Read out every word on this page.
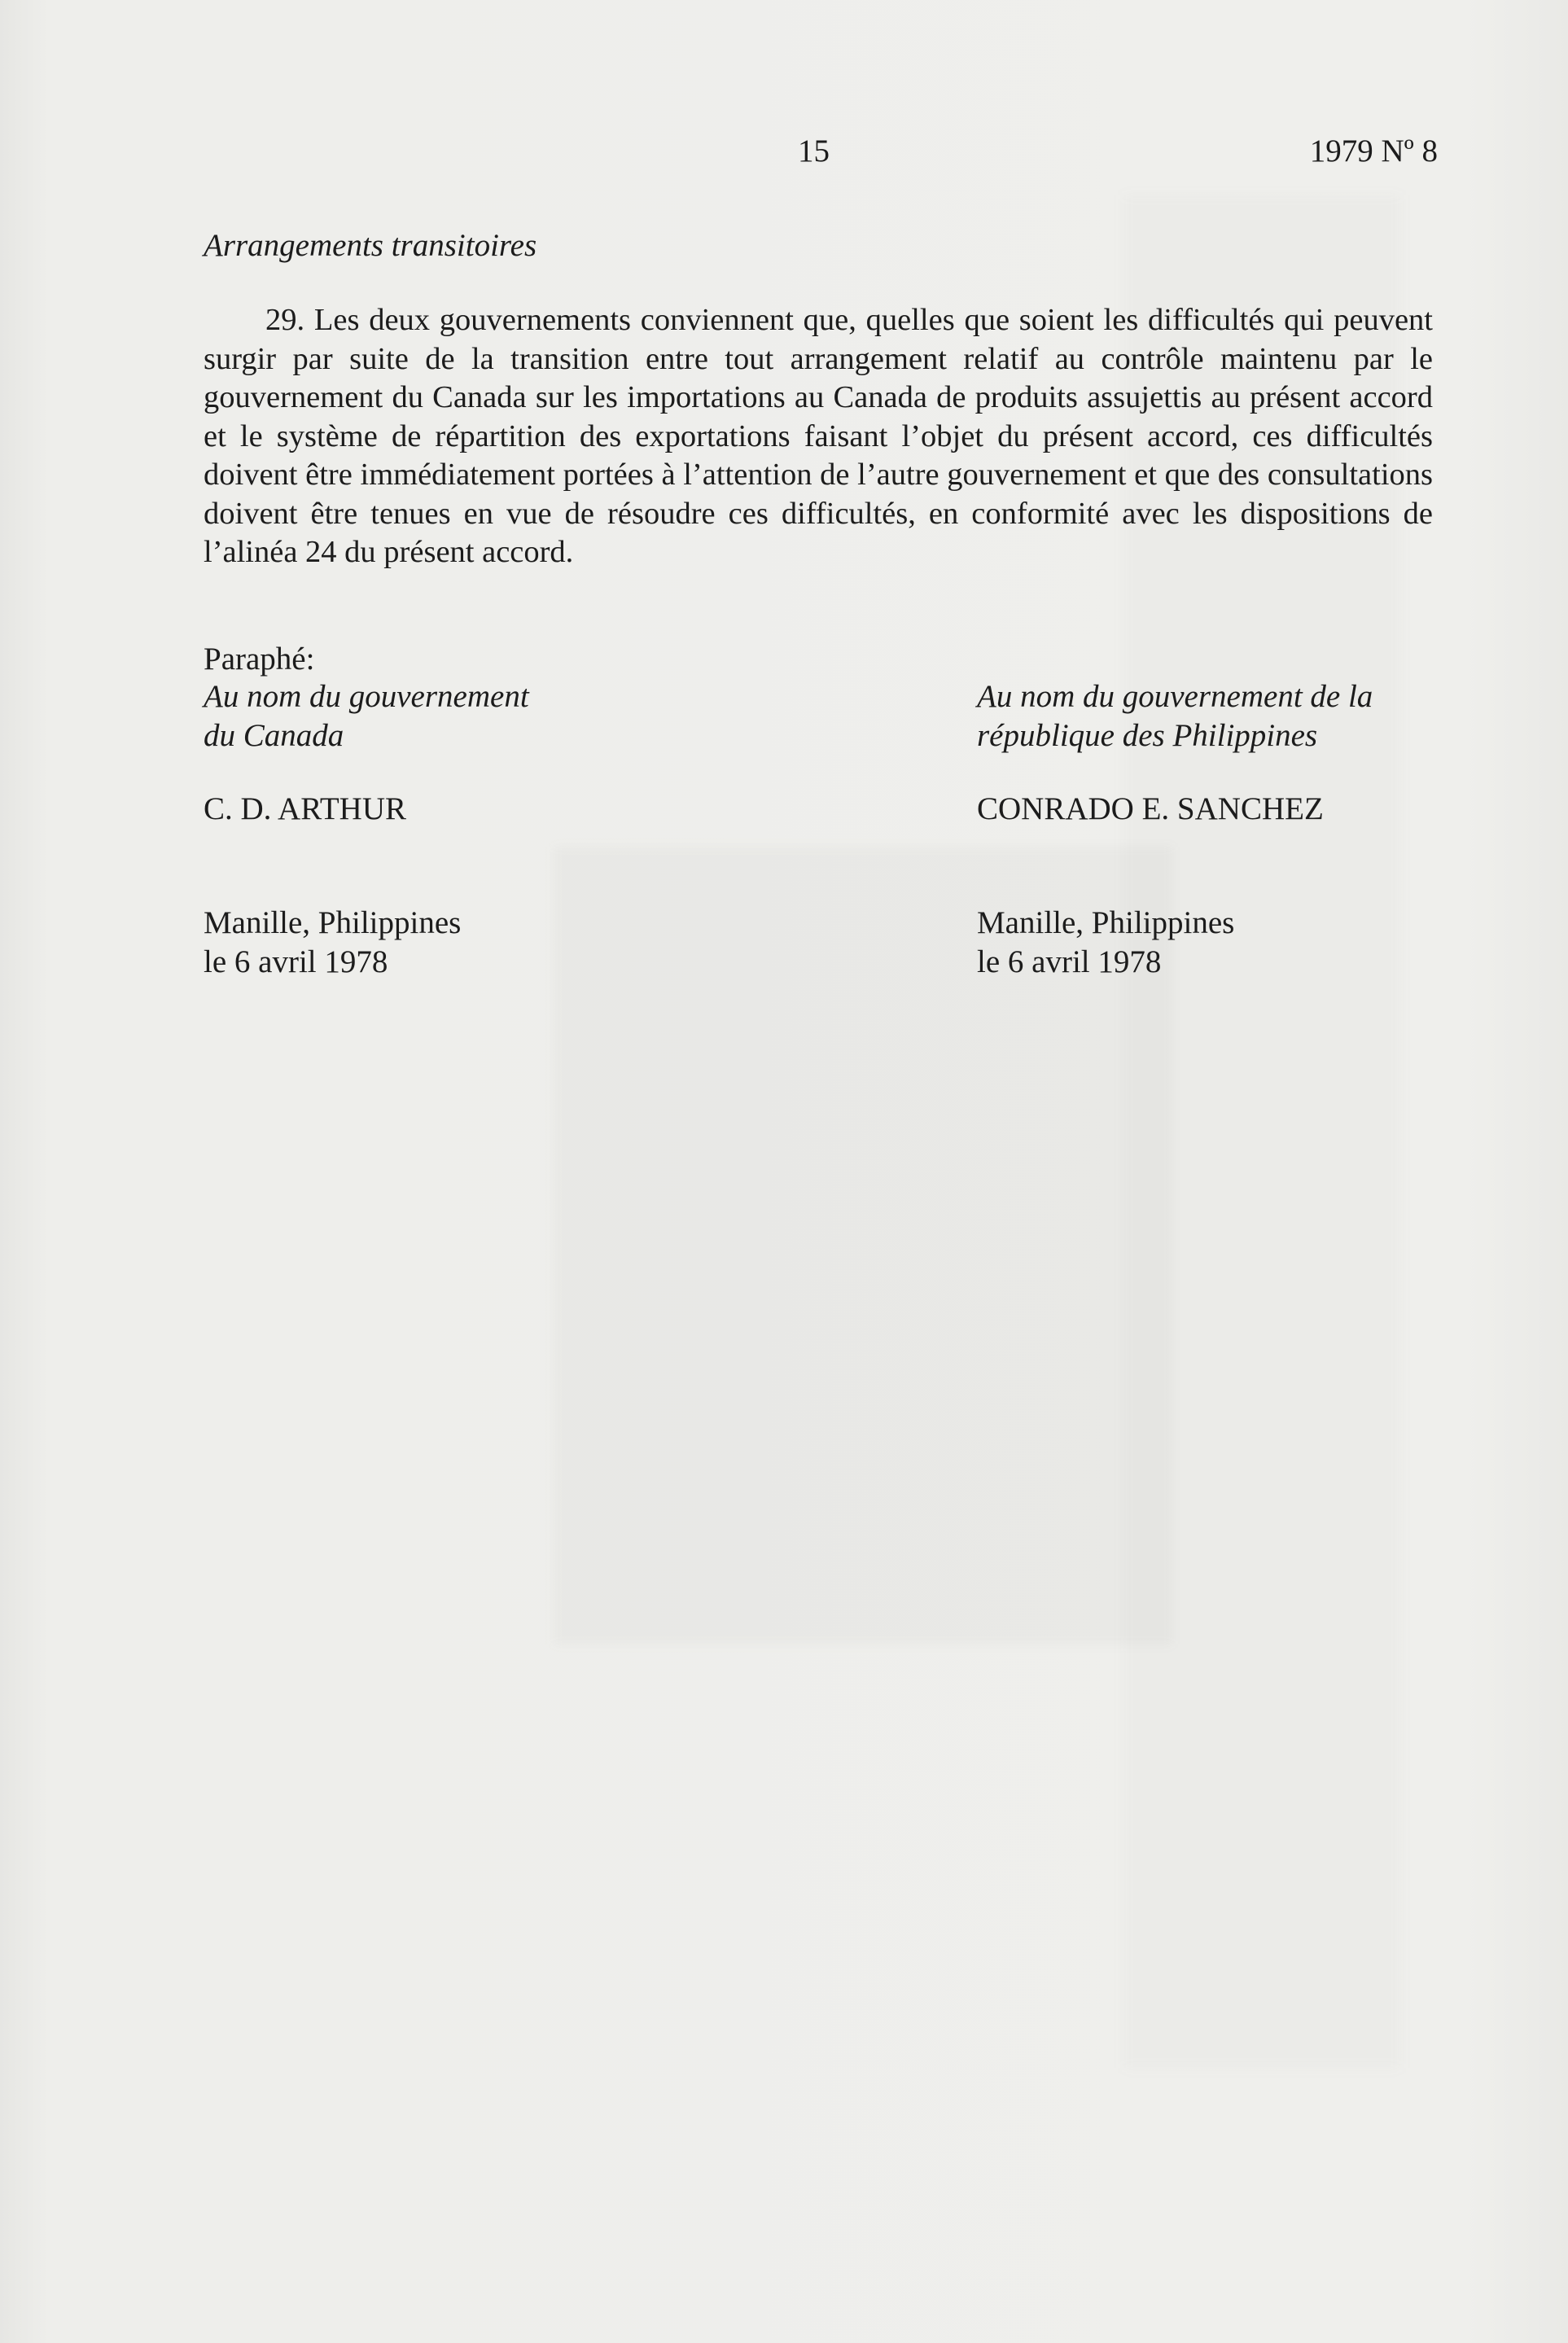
15	1979 Nº 8
Arrangements transitoires

29. Les deux gouvernements conviennent que, quelles que soient les difficultés qui peuvent surgir par suite de la transition entre tout arrangement relatif au contrôle maintenu par le gouvernement du Canada sur les importations au Canada de produits assujettis au présent accord et le système de répartition des exportations faisant l’objet du présent accord, ces difficultés doivent être immédiatement portées à l’attention de l’autre gouvernement et que des consultations doivent être tenues en vue de résoudre ces difficultés, en conformité avec les dispositions de l’alinéa 24 du présent accord.

Paraphé:
Au nom du gouvernement
du Canada
Au nom du gouvernement de la
république des Philippines
C. D. ARTHUR	CONRADO E. SANCHEZ
Manille, Philippines
le 6 avril 1978
Manille, Philippines
le 6 avril 1978
